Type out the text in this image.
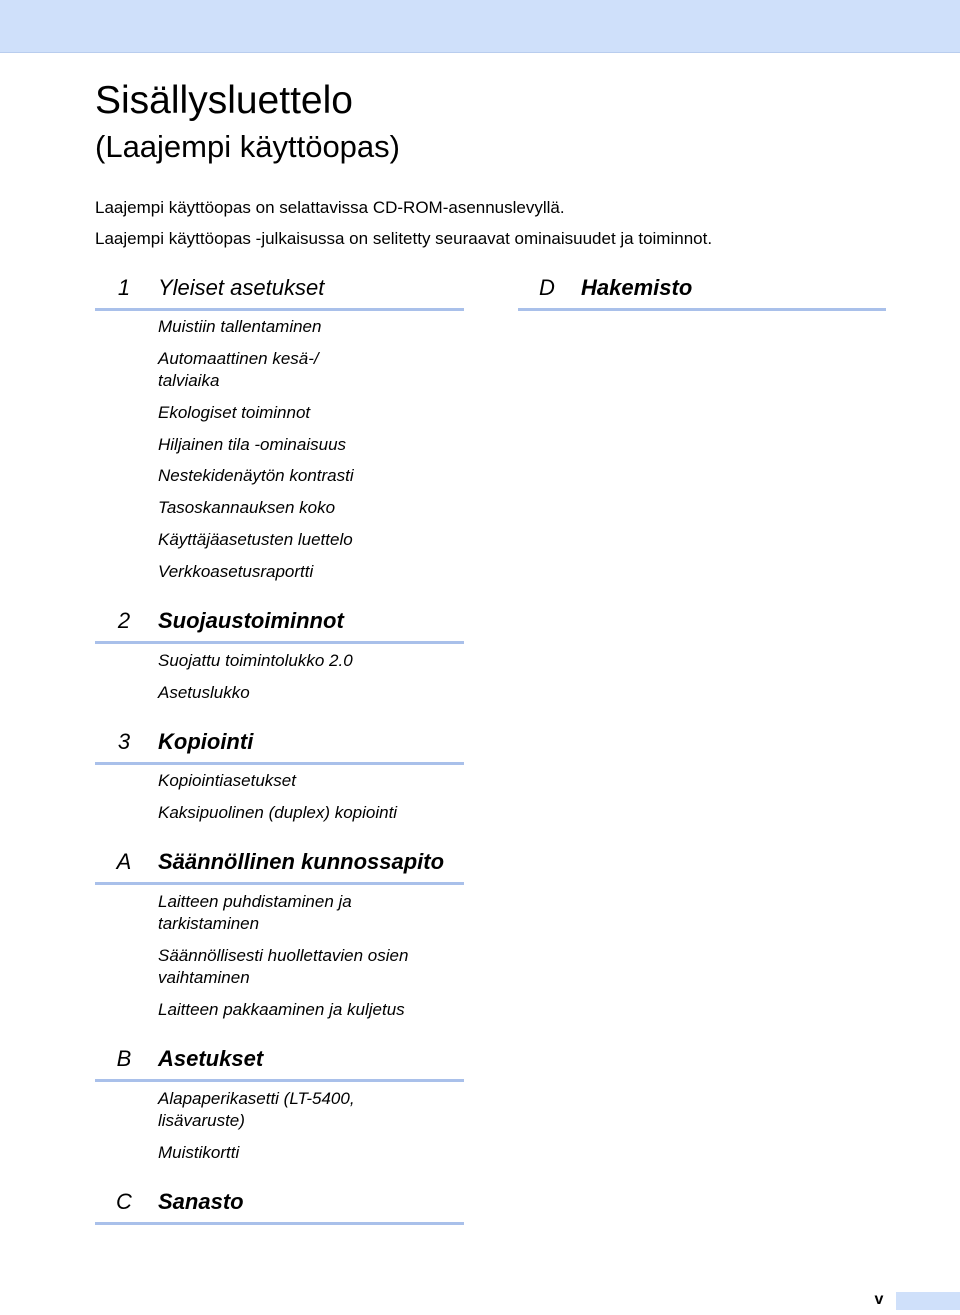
Sisällysluettelo
(Laajempi käyttöopas)

Laajempi käyttöopas on selattavissa CD-ROM-asennuslevyllä.

Laajempi käyttöopas -julkaisussa on selitetty seuraavat ominaisuudet ja toiminnot.

1	Yleiset asetukset
Muistiin tallentaminen
Automaattinen kesä-/
talviaika
Ekologiset toiminnot
Hiljainen tila -ominaisuus
Nestekidenäytön kontrasti
Tasoskannauksen koko
Käyttäjäasetusten luettelo
Verkkoasetusraportti
2	Suojaustoiminnot
Suojattu toimintolukko 2.0
Asetuslukko
3	Kopiointi
Kopiointiasetukset
Kaksipuolinen (duplex) kopiointi
A	Säännöllinen kunnossapito
Laitteen puhdistaminen ja
tarkistaminen
Säännöllisesti huollettavien osien
vaihtaminen
Laitteen pakkaaminen ja kuljetus
B	Asetukset
Alapaperikasetti (LT-5400,
lisävaruste)
Muistikortti
C	Sanasto
D	Hakemisto
v
